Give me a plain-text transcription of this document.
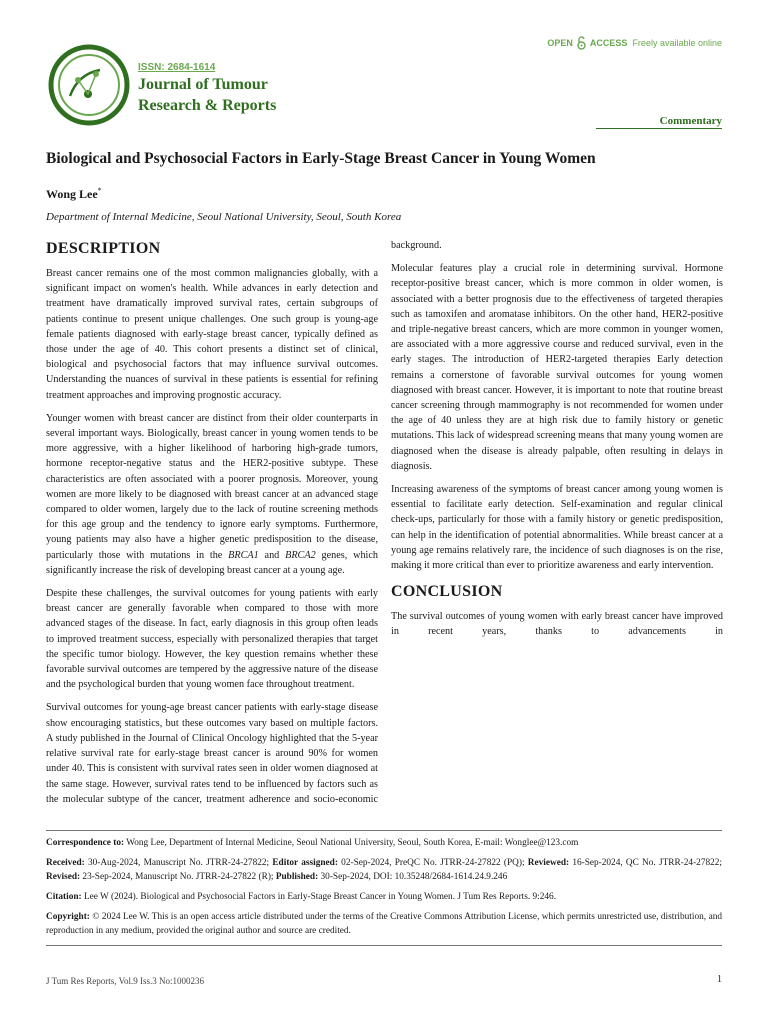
ISSN: 2684-1614
Journal of Tumour
Research & Reports
OPEN ACCESS Freely available online
Commentary
Biological and Psychosocial Factors in Early-Stage Breast Cancer in Young Women
Wong Lee*
Department of Internal Medicine, Seoul National University, Seoul, South Korea
DESCRIPTION

Breast cancer remains one of the most common malignancies globally, with a significant impact on women's health. While advances in early detection and treatment have dramatically improved survival rates, certain subgroups of patients continue to present unique challenges. One such group is young-age female patients diagnosed with early-stage breast cancer, typically defined as those under the age of 40. This cohort presents a distinct set of clinical, biological and psychosocial factors that may influence survival outcomes. Understanding the nuances of survival in these patients is essential for refining treatment approaches and improving prognostic accuracy.

Younger women with breast cancer are distinct from their older counterparts in several important ways. Biologically, breast cancer in young women tends to be more aggressive, with a higher likelihood of harboring high-grade tumors, hormone receptor-negative status and the HER2-positive subtype. These characteristics are often associated with a poorer prognosis. Moreover, young women are more likely to be diagnosed with breast cancer at an advanced stage compared to older women, largely due to the lack of routine screening methods for this age group and the tendency to ignore early symptoms. Furthermore, young patients may also have a higher genetic predisposition to the disease, particularly those with mutations in the BRCA1 and BRCA2 genes, which significantly increase the risk of developing breast cancer at a young age.

Despite these challenges, the survival outcomes for young patients with early breast cancer are generally favorable when compared to those with more advanced stages of the disease. In fact, early diagnosis in this group often leads to improved treatment success, especially with personalized therapies that target the specific tumor biology. However, the key question remains whether these favorable survival outcomes are tempered by the aggressive nature of the disease and the psychological burden that young women face throughout treatment.

Survival outcomes for young-age breast cancer patients with early-stage disease show encouraging statistics, but these outcomes vary based on multiple factors. A study published in the Journal of Clinical Oncology highlighted that the 5-year relative survival rate for early-stage breast cancer is around 90% for women under 40. This is consistent with survival rates seen in older women diagnosed at the same stage. However, survival rates tend to be influenced by factors such as the molecular subtype of the cancer, treatment adherence and socio-economic

background.

Molecular features play a crucial role in determining survival. Hormone receptor-positive breast cancer, which is more common in older women, is associated with a better prognosis due to the effectiveness of targeted therapies such as tamoxifen and aromatase inhibitors. On the other hand, HER2-positive and triple-negative breast cancers, which are more common in younger women, are associated with a more aggressive course and reduced survival, even in the early stages. The introduction of HER2-targeted therapies Early detection remains a cornerstone of favorable survival outcomes for young women diagnosed with breast cancer. However, it is important to note that routine breast cancer screening through mammography is not recommended for women under the age of 40 unless they are at high risk due to family history or genetic mutations. This lack of widespread screening means that many young women are diagnosed when the disease is already palpable, often resulting in delays in diagnosis.

Increasing awareness of the symptoms of breast cancer among young women is essential to facilitate early detection. Self-examination and regular clinical check-ups, particularly for those with a family history or genetic predisposition, can help in the identification of potential abnormalities. While breast cancer at a young age remains relatively rare, the incidence of such diagnoses is on the rise, making it more critical than ever to prioritize awareness and early intervention.

CONCLUSION

The survival outcomes of young women with early breast cancer have improved in recent years, thanks to advancements in

Correspondence to: Wong Lee, Department of Internal Medicine, Seoul National University, Seoul, South Korea, E-mail: Wonglee@123.com
Received: 30-Aug-2024, Manuscript No. JTRR-24-27822; Editor assigned: 02-Sep-2024, PreQC No. JTRR-24-27822 (PQ); Reviewed: 16-Sep-2024, QC No. JTRR-24-27822; Revised: 23-Sep-2024, Manuscript No. JTRR-24-27822 (R); Published: 30-Sep-2024, DOI: 10.35248/2684-1614.24.9.246
Citation: Lee W (2024). Biological and Psychosocial Factors in Early-Stage Breast Cancer in Young Women. J Tum Res Reports. 9:246.
Copyright: © 2024 Lee W. This is an open access article distributed under the terms of the Creative Commons Attribution License, which permits unrestricted use, distribution, and reproduction in any medium, provided the original author and source are credited.
J Tum Res Reports, Vol.9 Iss.3 No:1000236	1
